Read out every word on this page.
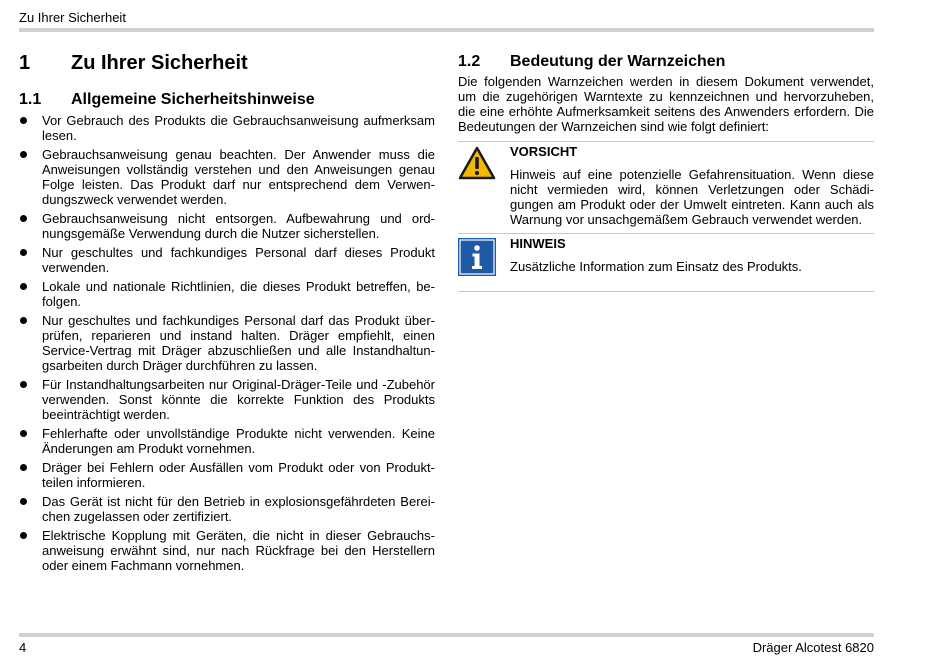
Zu Ihrer Sicherheit
1	Zu Ihrer Sicherheit
1.1	Allgemeine Sicherheitshinweise
Vor Gebrauch des Produkts die Gebrauchsanweisung aufmerksam lesen.
Gebrauchsanweisung genau beachten. Der Anwender muss die Anweisungen vollständig verstehen und den Anweisungen genau Folge leisten. Das Produkt darf nur entsprechend dem Verwendungszweck verwendet werden.
Gebrauchsanweisung nicht entsorgen. Aufbewahrung und ordnungsgemäße Verwendung durch die Nutzer sicherstellen.
Nur geschultes und fachkundiges Personal darf dieses Produkt verwenden.
Lokale und nationale Richtlinien, die dieses Produkt betreffen, befolgen.
Nur geschultes und fachkundiges Personal darf das Produkt überprüfen, reparieren und instand halten. Dräger empfiehlt, einen Service-Vertrag mit Dräger abzuschließen und alle Instandhaltungsarbeiten durch Dräger durchführen zu lassen.
Für Instandhaltungsarbeiten nur Original-Dräger-Teile und -Zubehör verwenden. Sonst könnte die korrekte Funktion des Produkts beeinträchtigt werden.
Fehlerhafte oder unvollständige Produkte nicht verwenden. Keine Änderungen am Produkt vornehmen.
Dräger bei Fehlern oder Ausfällen vom Produkt oder von Produktteilen informieren.
Das Gerät ist nicht für den Betrieb in explosionsgefährdeten Bereichen zugelassen oder zertifiziert.
Elektrische Kopplung mit Geräten, die nicht in dieser Gebrauchsanweisung erwähnt sind, nur nach Rückfrage bei den Herstellern oder einem Fachmann vornehmen.
1.2	Bedeutung der Warnzeichen

Die folgenden Warnzeichen werden in diesem Dokument verwendet, um die zugehörigen Warntexte zu kennzeichnen und hervorzuheben, die eine erhöhte Aufmerksamkeit seitens des Anwenders erfordern. Die Bedeutungen der Warnzeichen sind wie folgt definiert:

VORSICHT
Hinweis auf eine potenzielle Gefahrensituation. Wenn diese nicht vermieden wird, können Verletzungen oder Schädigungen am Produkt oder der Umwelt eintreten. Kann auch als Warnung vor unsachgemäßem Gebrauch verwendet werden.
HINWEIS
Zusätzliche Information zum Einsatz des Produkts.
4	Dräger Alcotest 6820
